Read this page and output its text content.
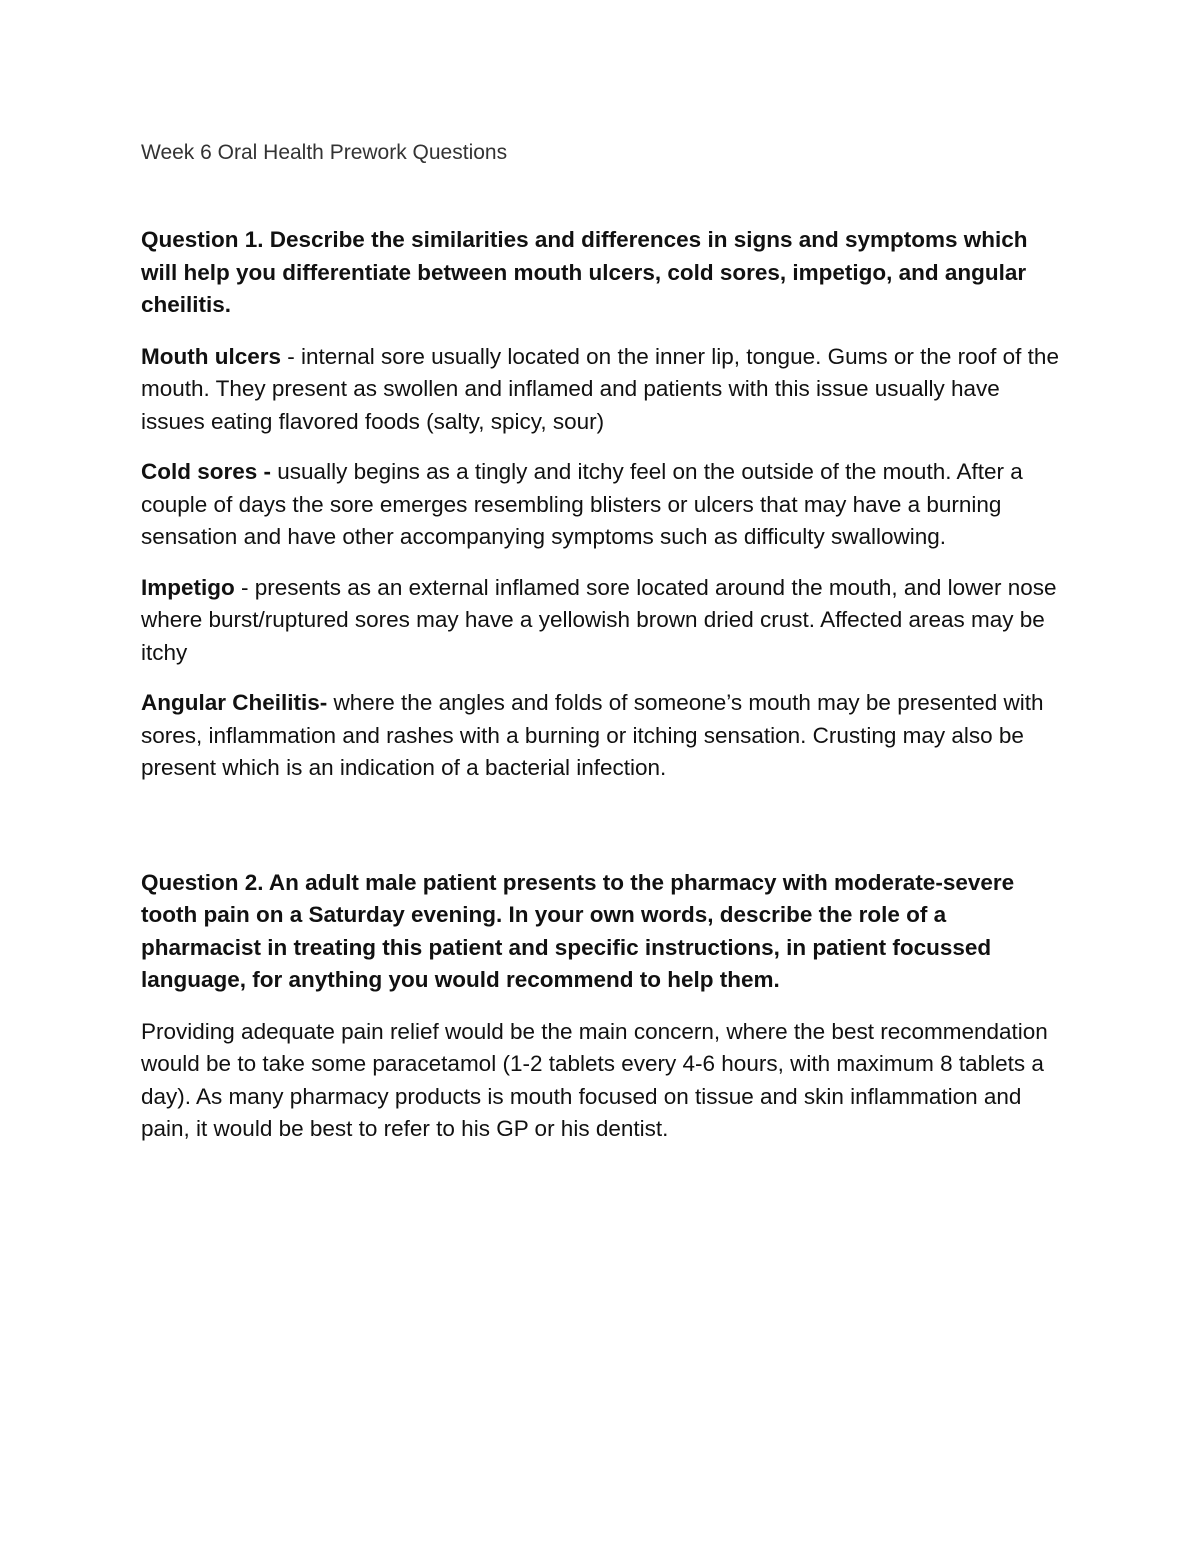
Week 6 Oral Health Prework Questions
Question 1. Describe the similarities and differences in signs and symptoms which will help you differentiate between mouth ulcers, cold sores, impetigo, and angular cheilitis.

Mouth ulcers - internal sore usually located on the inner lip, tongue. Gums or the roof of the mouth. They present as swollen and inflamed and patients with this issue usually have issues eating flavored foods (salty, spicy, sour)

Cold sores - usually begins as a tingly and itchy feel on the outside of the mouth. After a couple of days the sore emerges resembling blisters or ulcers that may have a burning sensation and have other accompanying symptoms such as difficulty swallowing.

Impetigo - presents as an external inflamed sore located around the mouth, and lower nose where burst/ruptured sores may have a yellowish brown dried crust. Affected areas may be itchy

Angular Cheilitis- where the angles and folds of someone’s mouth may be presented with sores, inflammation and rashes with a burning or itching sensation. Crusting may also be present which is an indication of a bacterial infection.

Question 2. An adult male patient presents to the pharmacy with moderate-severe tooth pain on a Saturday evening. In your own words, describe the role of a pharmacist in treating this patient and specific instructions, in patient focussed language, for anything you would recommend to help them.

Providing adequate pain relief would be the main concern, where the best recommendation would be to take some paracetamol (1-2 tablets every 4-6 hours, with maximum 8 tablets a day). As many pharmacy products is mouth focused on tissue and skin inflammation and pain, it would be best to refer to his GP or his dentist.
